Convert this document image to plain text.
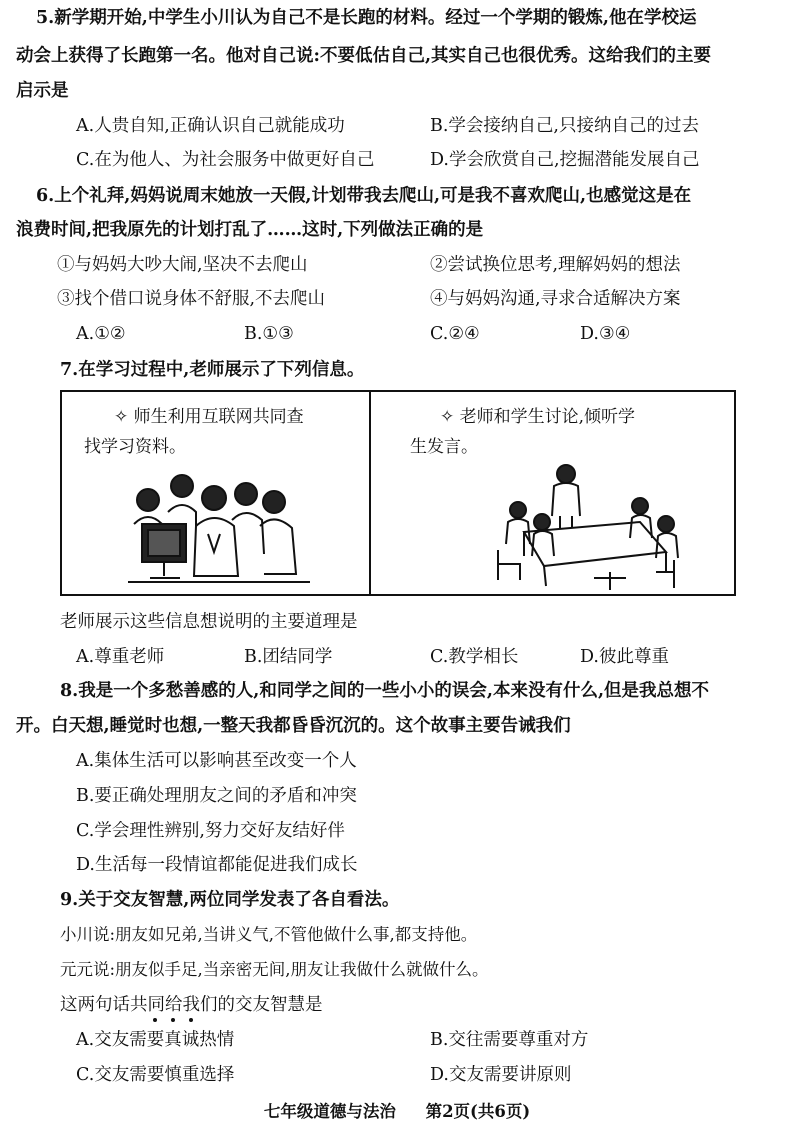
5.新学期开始,中学生小川认为自己不是长跑的材料。经过一个学期的锻炼,他在学校运
动会上获得了长跑第一名。他对自己说:不要低估自己,其实自己也很优秀。这给我们的主要
启示是
A.人贵自知,正确认识自己就能成功	B.学会接纳自己,只接纳自己的过去
C.在为他人、为社会服务中做更好自己	D.学会欣赏自己,挖掘潜能发展自己
6.上个礼拜,妈妈说周末她放一天假,计划带我去爬山,可是我不喜欢爬山,也感觉这是在
浪费时间,把我原先的计划打乱了……这时,下列做法正确的是
①与妈妈大吵大闹,坚决不去爬山	②尝试换位思考,理解妈妈的想法
③找个借口说身体不舒服,不去爬山	④与妈妈沟通,寻求合适解决方案
A.①②	B.①③	C.②④	D.③④
7.在学习过程中,老师展示了下列信息。
✧ 师生利用互联网共同查
找学习资料。
✧ 老师和学生讨论,倾听学
生发言。
老师展示这些信息想说明的主要道理是
A.尊重老师	B.团结同学	C.教学相长	D.彼此尊重
8.我是一个多愁善感的人,和同学之间的一些小小的误会,本来没有什么,但是我总想不
开。白天想,睡觉时也想,一整天我都昏昏沉沉的。这个故事主要告诫我们
A.集体生活可以影响甚至改变一个人
B.要正确处理朋友之间的矛盾和冲突
C.学会理性辨别,努力交好友结好伴
D.生活每一段情谊都能促进我们成长
9.关于交友智慧,两位同学发表了各自看法。
小川说:朋友如兄弟,当讲义气,不管他做什么事,都支持他。
元元说:朋友似手足,当亲密无间,朋友让我做什么就做什么。
这两句话共同给我们的交友智慧是
A.交友需要真诚热情	B.交往需要尊重对方
C.交友需要慎重选择	D.交友需要讲原则
七年级道德与法治 第2页(共6页)
